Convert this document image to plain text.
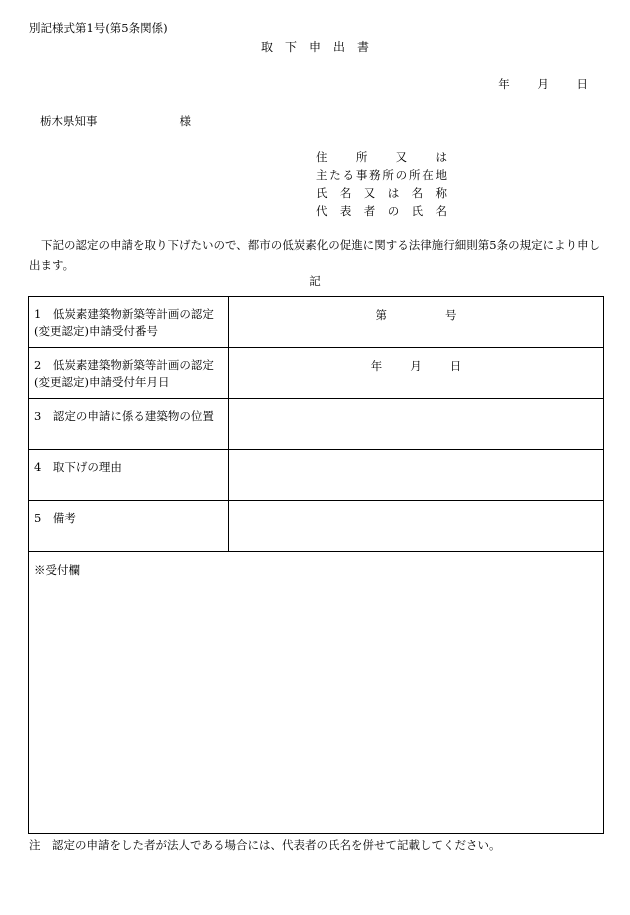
別記様式第1号(第5条関係)
取　下　申　出　書
年 月 日
栃木県知事	様
住所又は
主たる事務所の所在地
氏名又は名称
代表者の氏名
下記の認定の申請を取り下げたいので、都市の低炭素化の促進に関する法律施行細則第5条の規定により申し出ます。
記
1　低炭素建築物新築等計画の認定(変更認定)申請受付番号
第	号
2　低炭素建築物新築等計画の認定(変更認定)申請受付年月日
年 月 日
3　認定の申請に係る建築物の位置
4　取下げの理由
5　備考
※受付欄
注　認定の申請をした者が法人である場合には、代表者の氏名を併せて記載してください。
